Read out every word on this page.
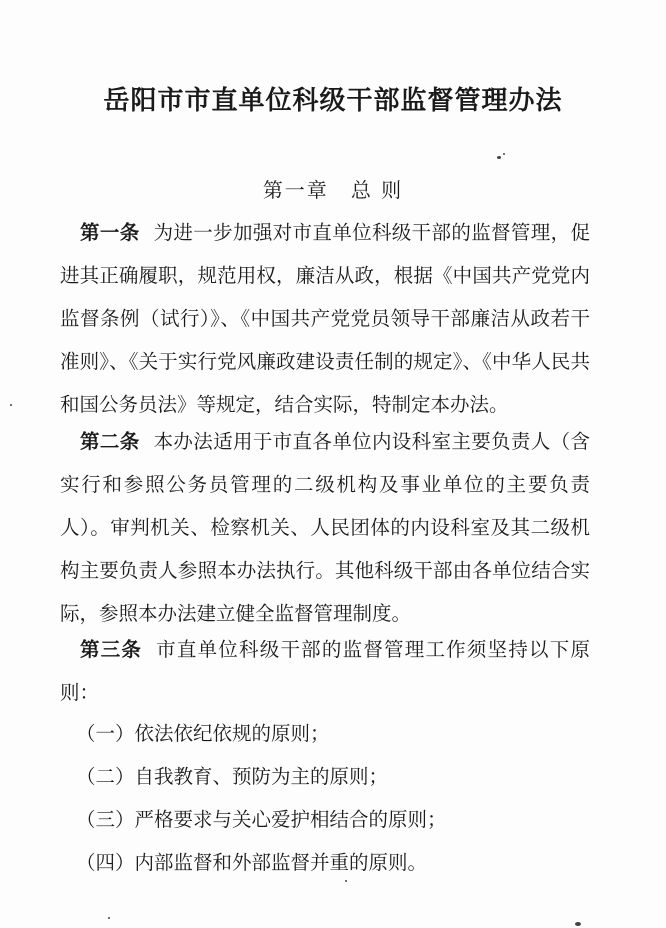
岳阳市市直单位科级干部监督管理办法
第一章 总 则

第一条 为进一步加强对市直单位科级干部的监督管理，促进其正确履职，规范用权，廉洁从政，根据《中国共产党党内监督条例（试行）》、《中国共产党党员领导干部廉洁从政若干准则》、《关于实行党风廉政建设责任制的规定》、《中华人民共和国公务员法》等规定，结合实际，特制定本办法。

第二条 本办法适用于市直各单位内设科室主要负责人（含实行和参照公务员管理的二级机构及事业单位的主要负责人）。审判机关、检察机关、人民团体的内设科室及其二级机构主要负责人参照本办法执行。其他科级干部由各单位结合实际，参照本办法建立健全监督管理制度。

第三条 市直单位科级干部的监督管理工作须坚持以下原则：

（一）依法依纪依规的原则；

（二）自我教育、预防为主的原则；

（三）严格要求与关心爱护相结合的原则；

（四）内部监督和外部监督并重的原则。
